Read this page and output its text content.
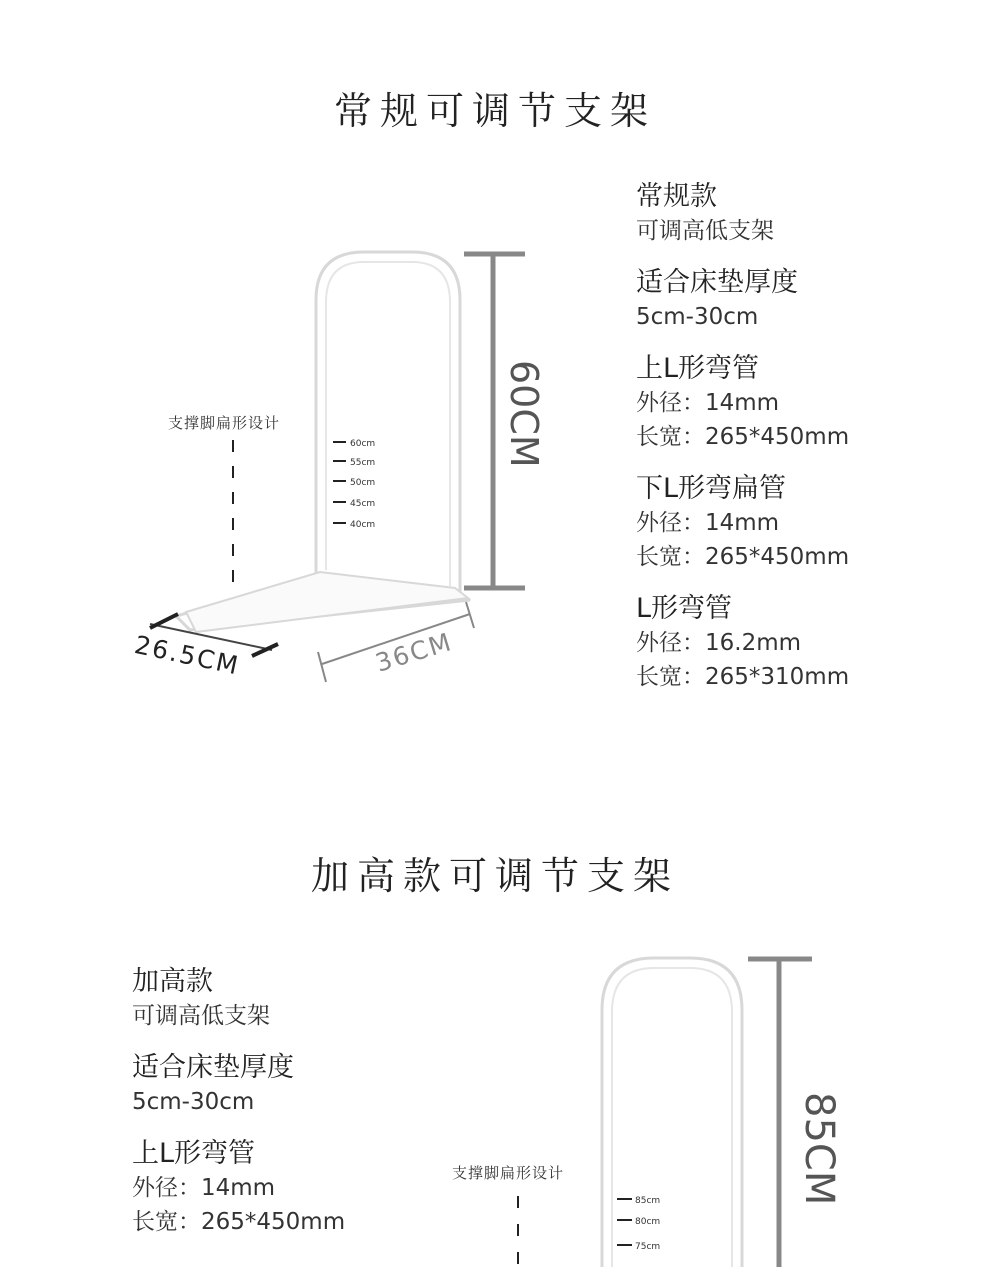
常规可调节支架
60cm
55cm
50cm
45cm
40cm
支撑脚扁形设计	60CM
26.5CM	36CM
常规款
可调高低支架
适合床垫厚度
5cm-30cm
上L形弯管
外径：14mm
长宽：265*450mm
下L形弯扁管
外径：14mm
长宽：265*450mm
L形弯管
外径：16.2mm
长宽：265*310mm
加高款可调节支架
加高款
可调高低支架
适合床垫厚度
5cm-30cm
上L形弯管
外径：14mm
长宽：265*450mm
85cm
80cm
75cm
支撑脚扁形设计	85CM
